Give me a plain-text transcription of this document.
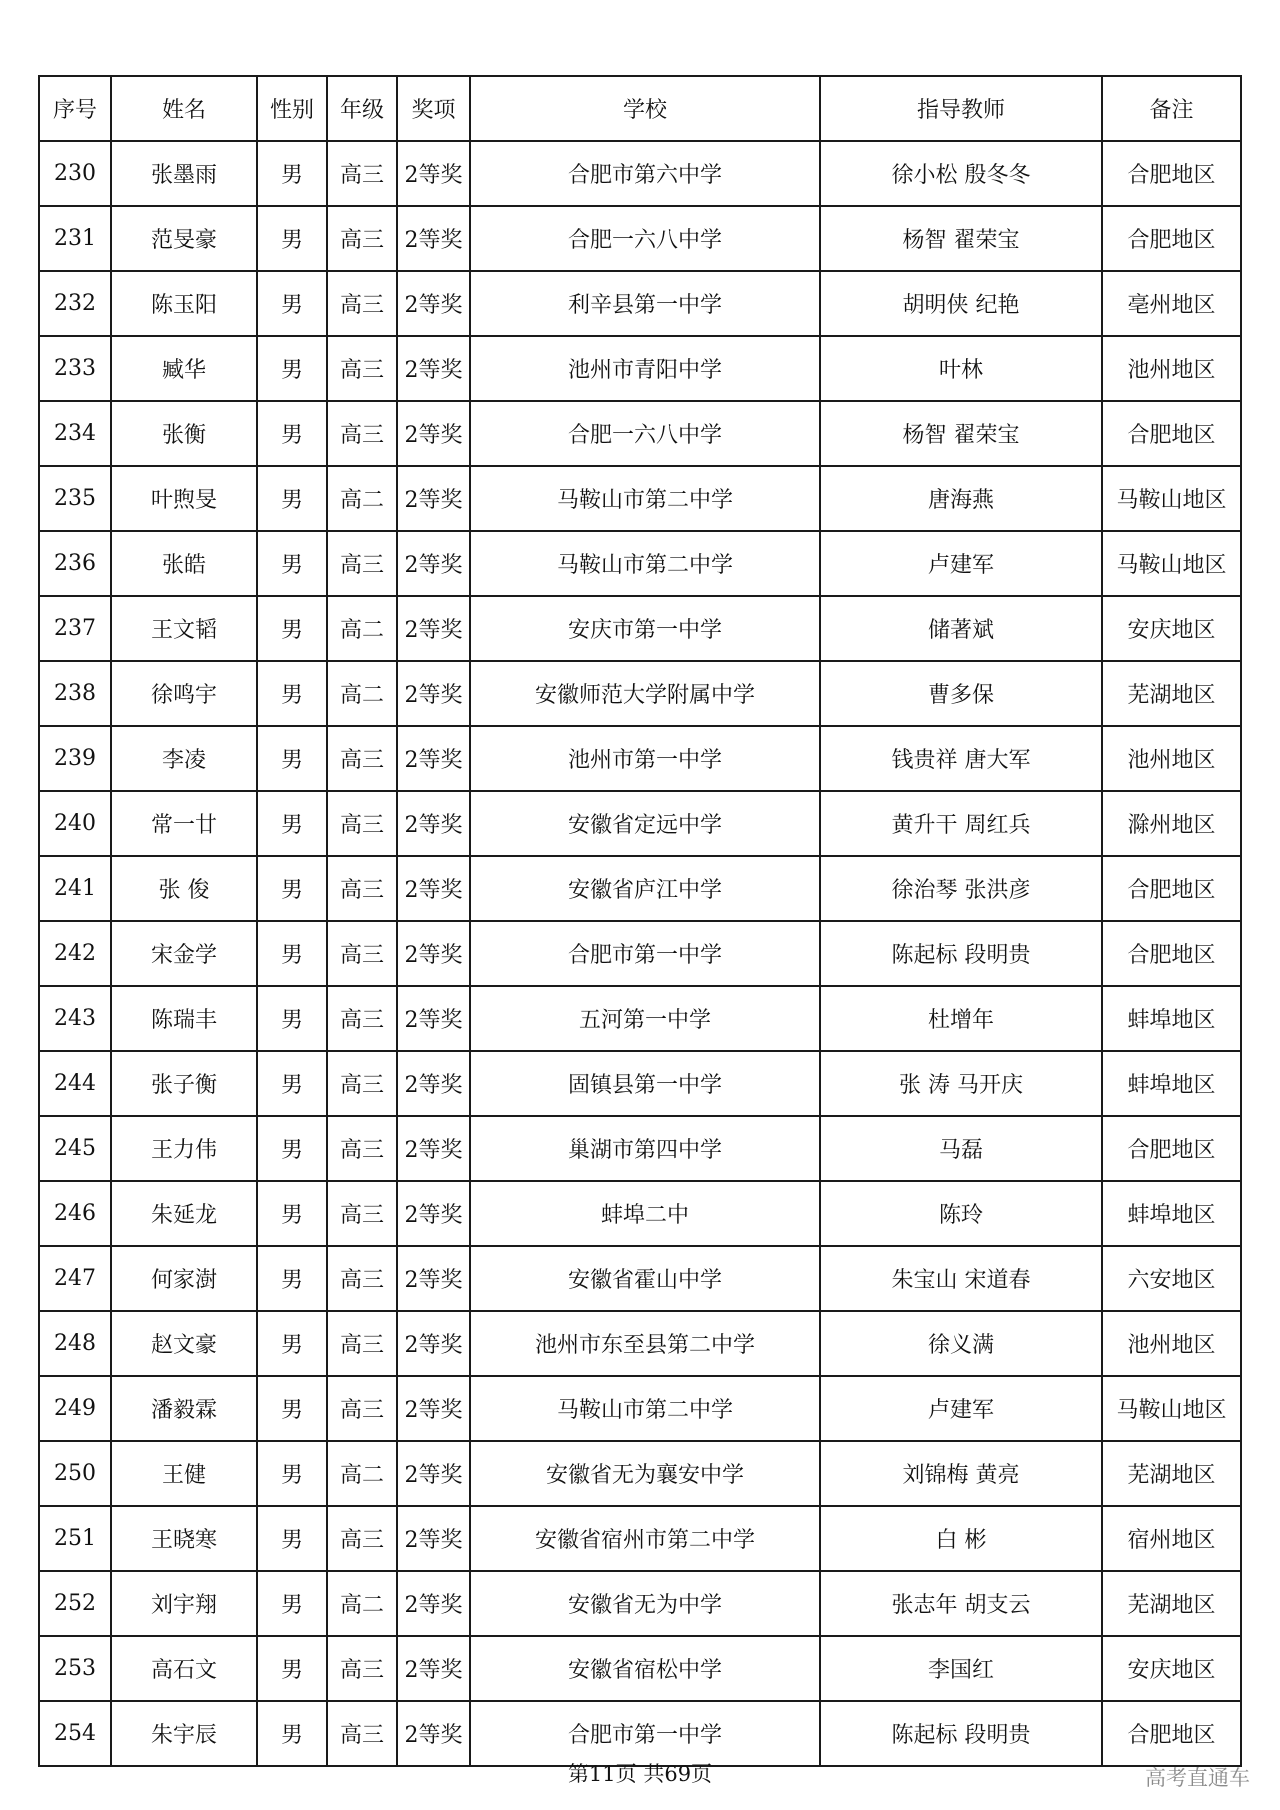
序号	姓名	性别	年级	奖项	学校	指导教师	备注
230	张墨雨	男	高三	2等奖	合肥市第六中学	徐小松 殷冬冬	合肥地区
231	范旻豪	男	高三	2等奖	合肥一六八中学	杨智 翟荣宝	合肥地区
232	陈玉阳	男	高三	2等奖	利辛县第一中学	胡明侠 纪艳	亳州地区
233	臧华	男	高三	2等奖	池州市青阳中学	叶林	池州地区
234	张衡	男	高三	2等奖	合肥一六八中学	杨智 翟荣宝	合肥地区
235	叶煦旻	男	高二	2等奖	马鞍山市第二中学	唐海燕	马鞍山地区
236	张皓	男	高三	2等奖	马鞍山市第二中学	卢建军	马鞍山地区
237	王文韬	男	高二	2等奖	安庆市第一中学	储著斌	安庆地区
238	徐鸣宇	男	高二	2等奖	安徽师范大学附属中学	曹多保	芜湖地区
239	李凌	男	高三	2等奖	池州市第一中学	钱贵祥 唐大军	池州地区
240	常一廿	男	高三	2等奖	安徽省定远中学	黄升干 周红兵	滁州地区
241	张 俊	男	高三	2等奖	安徽省庐江中学	徐治琴 张洪彦	合肥地区
242	宋金学	男	高三	2等奖	合肥市第一中学	陈起标 段明贵	合肥地区
243	陈瑞丰	男	高三	2等奖	五河第一中学	杜增年	蚌埠地区
244	张子衡	男	高三	2等奖	固镇县第一中学	张 涛 马开庆	蚌埠地区
245	王力伟	男	高三	2等奖	巢湖市第四中学	马磊	合肥地区
246	朱延龙	男	高三	2等奖	蚌埠二中	陈玲	蚌埠地区
247	何家澍	男	高三	2等奖	安徽省霍山中学	朱宝山 宋道春	六安地区
248	赵文豪	男	高三	2等奖	池州市东至县第二中学	徐义满	池州地区
249	潘毅霖	男	高三	2等奖	马鞍山市第二中学	卢建军	马鞍山地区
250	王健	男	高二	2等奖	安徽省无为襄安中学	刘锦梅 黄亮	芜湖地区
251	王晓寒	男	高三	2等奖	安徽省宿州市第二中学	白 彬	宿州地区
252	刘宇翔	男	高二	2等奖	安徽省无为中学	张志年 胡支云	芜湖地区
253	高石文	男	高三	2等奖	安徽省宿松中学	李国红	安庆地区
254	朱宇辰	男	高三	2等奖	合肥市第一中学	陈起标 段明贵	合肥地区
第11页 共69页	高考直通车
